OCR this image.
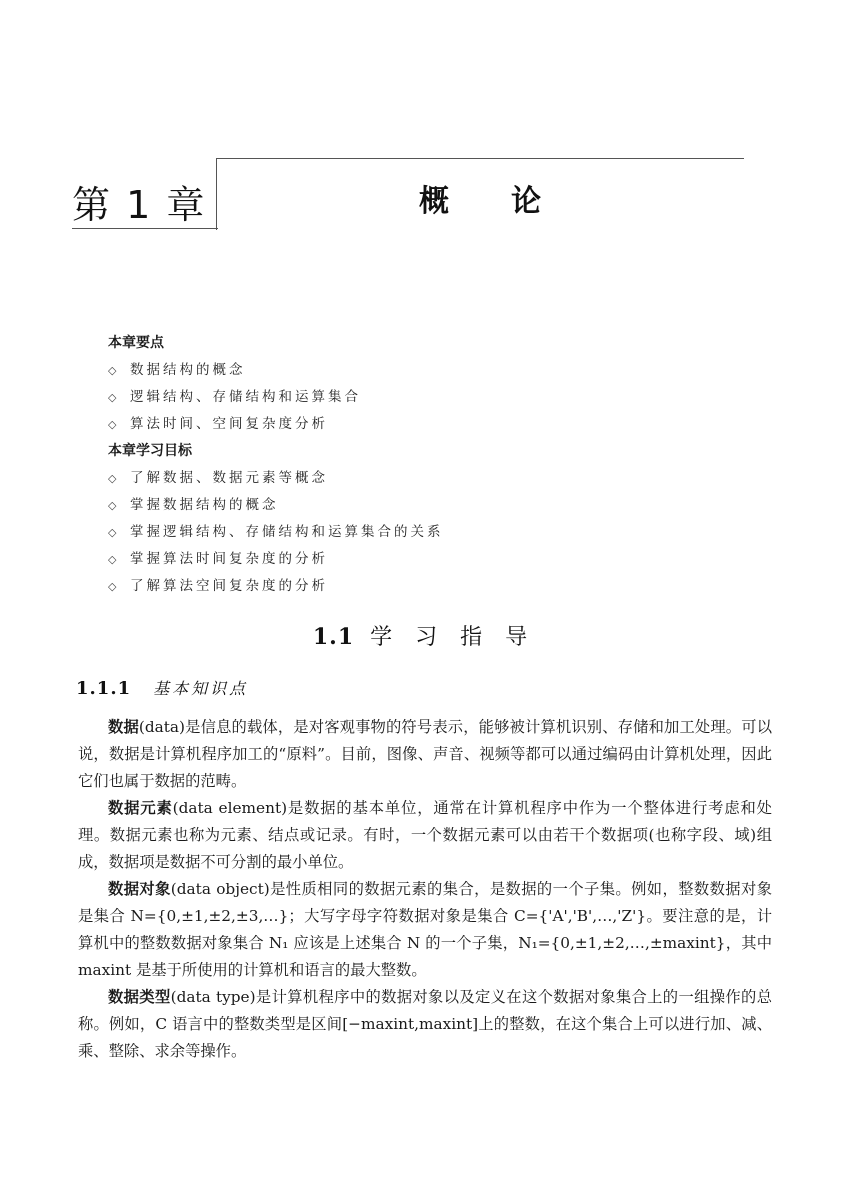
第 1 章	概论
本章要点
◇ 数据结构的概念
◇ 逻辑结构、存储结构和运算集合
◇ 算法时间、空间复杂度分析
本章学习目标
◇ 了解数据、数据元素等概念
◇ 掌握数据结构的概念
◇ 掌握逻辑结构、存储结构和运算集合的关系
◇ 掌握算法时间复杂度的分析
◇ 了解算法空间复杂度的分析
1.1 学 习 指 导
1.1.1 基本知识点

数据(data)是信息的载体，是对客观事物的符号表示，能够被计算机识别、存储和加工处理。可以说，数据是计算机程序加工的“原料”。目前，图像、声音、视频等都可以通过编码由计算机处理，因此它们也属于数据的范畴。

数据元素(data element)是数据的基本单位，通常在计算机程序中作为一个整体进行考虑和处理。数据元素也称为元素、结点或记录。有时，一个数据元素可以由若干个数据项(也称字段、域)组成，数据项是数据不可分割的最小单位。

数据对象(data object)是性质相同的数据元素的集合，是数据的一个子集。例如，整数数据对象是集合 N={0,±1,±2,±3,…}；大写字母字符数据对象是集合 C={'A','B',…,'Z'}。要注意的是，计算机中的整数数据对象集合 N₁ 应该是上述集合 N 的一个子集，N₁={0,±1,±2,…,±maxint}，其中 maxint 是基于所使用的计算机和语言的最大整数。

数据类型(data type)是计算机程序中的数据对象以及定义在这个数据对象集合上的一组操作的总称。例如，C 语言中的整数类型是区间[−maxint,maxint]上的整数，在这个集合上可以进行加、减、乘、整除、求余等操作。
